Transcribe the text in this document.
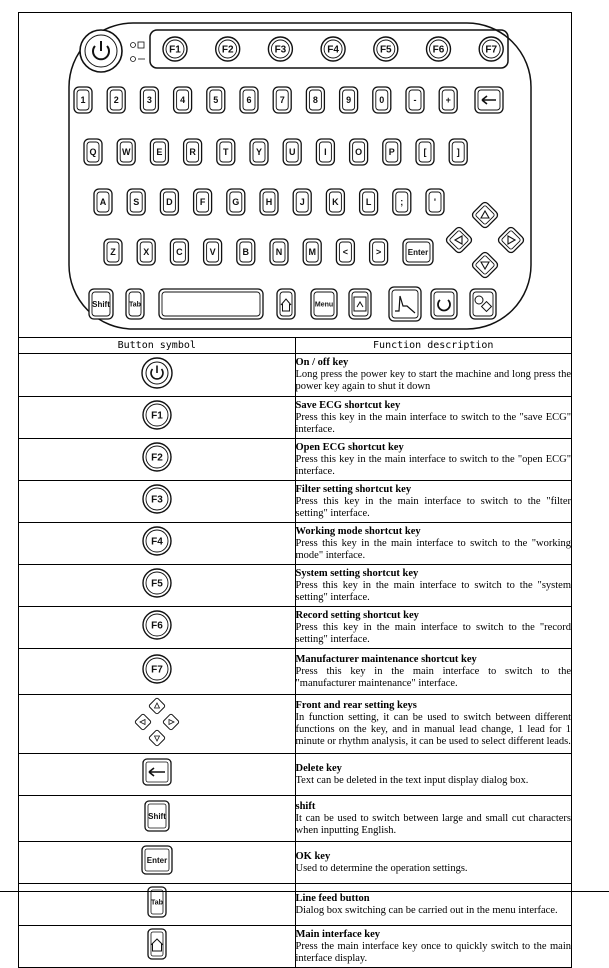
F1	F2	F3	F4	F5	F6	F7
1	2	3	4	5	6	7	8	9	0	-	+
Q	W	E	R	T	Y	U	I	O	P	[	]
A	S	D	F	G	H	J	K	L	;	'
Z	X	C	V	B	N	M	<	>	Enter
Shift	Tab	Menu
Button symbol	Function description

On / off key
Long press the power key to start the machine and long press the power key again to shut it down

F1	Save ECG shortcut key
Press this key in the main interface to switch to the "save ECG" interface.

F2	Open ECG shortcut key
Press this key in the main interface to switch to the "open ECG" interface.

F3	Filter setting shortcut key
Press this key in the main interface to switch to the "filter setting" interface.

F4	Working mode shortcut key
Press this key in the main interface to switch to the "working mode" interface.

F5	System setting shortcut key
Press this key in the main interface to switch to the "system setting" interface.

F6	Record setting shortcut key
Press this key in the main interface to switch to the "record setting" interface.

F7	Manufacturer maintenance shortcut key
Press this key in the main interface to switch to the "manufacturer maintenance" interface.

Front and rear setting keys
In function setting, it can be used to switch between different functions on the key, and in manual lead change, 1 lead for 1 minute or rhythm analysis, it can be used to select different leads.

Delete key
Text can be deleted in the text input display dialog box.

Shift	shift
It can be used to switch between large and small cut characters when inputting English.

Enter	OK key
Used to determine the operation settings.

Tab	Line feed button
Dialog box switching can be carried out in the menu interface.

Main interface key
Press the main interface key once to quickly switch to the main interface display.
